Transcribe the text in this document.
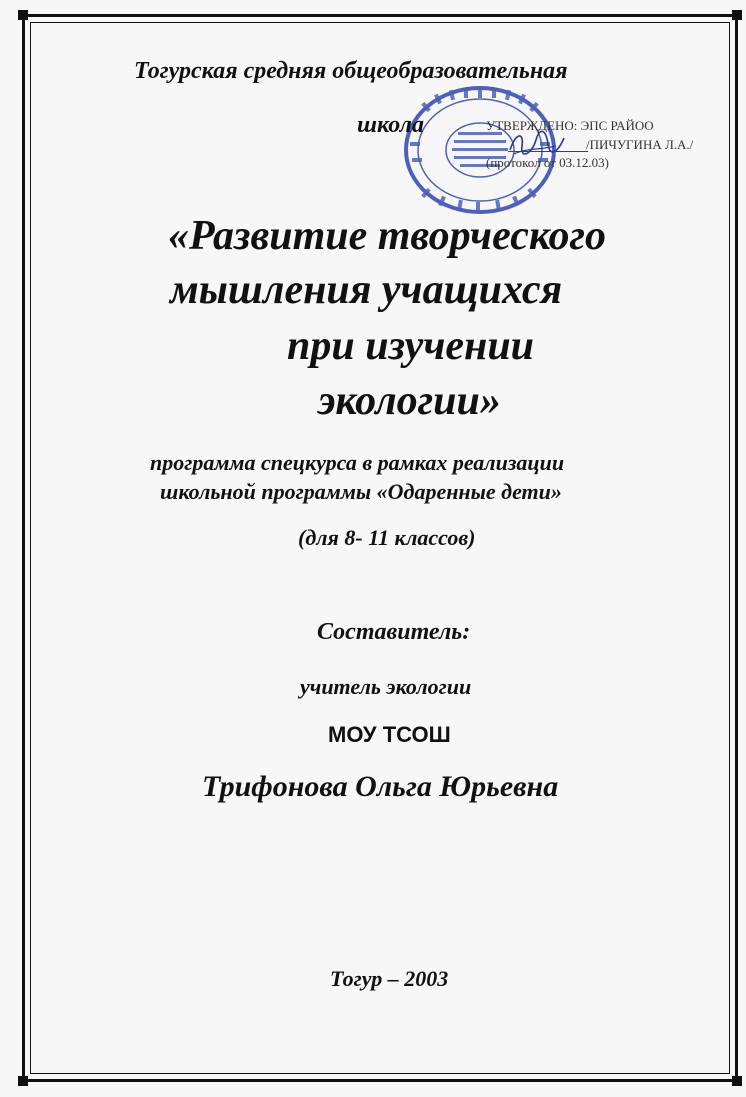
Тогурская средняя общеобразовательная
школа	УТВЕРЖДЕНО: ЭПС РАЙОО
/ПИЧУГИНА Л.А./
(протокол от 03.12.03)
«Развитие творческого
мышления учащихся
при изучении
экологии»
программа спецкурса в рамках реализации
школьной программы «Одаренные дети»
(для 8- 11 классов)
Составитель:
учитель экологии
МОУ ТСОШ
Трифонова Ольга Юрьевна
Тогур – 2003
